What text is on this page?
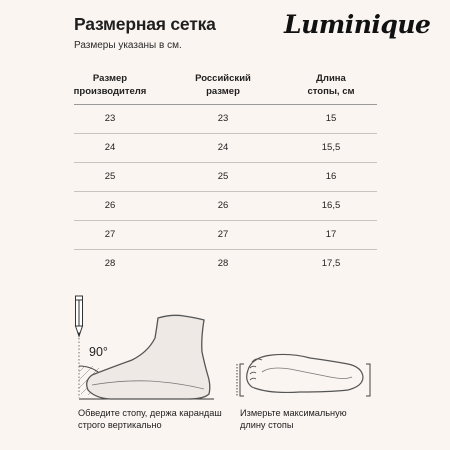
Размерная сетка
Размеры указаны в см.
Luminique
Размер
производителя
Российский
размер
Длина
стопы, см
23	23	15
24	24	15,5
25	25	16
26	26	16,5
27	27	17
28	28	17,5
90°
Обведите стопу, держа карандаш
строго вертикально
Измерьте максимальную
длину стопы
